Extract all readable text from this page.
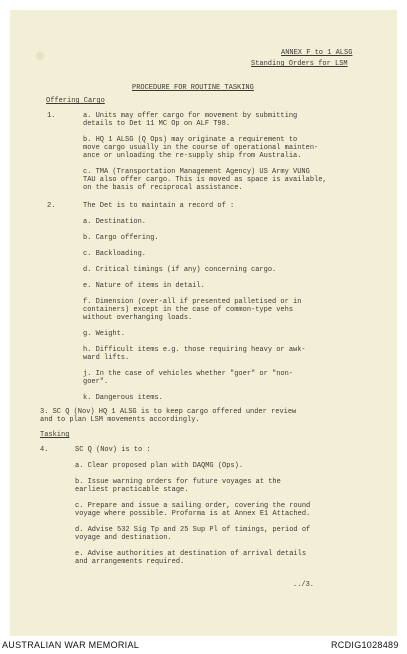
ANNEX F to 1 ALSG
Standing Orders for LSM
PROCEDURE FOR ROUTINE TASKING
Offering Cargo
1.	a. Units may offer cargo for movement by submitting
details to Det 11 MC Op on ALF T98.
b. HQ 1 ALSG (Q Ops) may originate a requirement to
move cargo usually in the course of operational mainten-
ance or unloading the re-supply ship from Australia.
c. TMA (Transportation Management Agency) US Army VUNG
TAU also offer cargo. This is moved as space is available,
on the basis of reciprocal assistance.
2.	The Det is to maintain a record of :
a. Destination.
b. Cargo offering.
c. Backloading.
d. Critical timings (if any) concerning cargo.
e. Nature of items in detail.
f. Dimension (over-all if presented palletised or in
containers) except in the case of common-type vehs
without overhanging loads.
g. Weight.
h. Difficult items e.g. those requiring heavy or awk-
ward lifts.
j. In the case of vehicles whether "goer" or "non-
goer".
k. Dangerous items.
3. SC Q (Nov) HQ 1 ALSG is to keep cargo offered under review
and to plan LSM movements accordingly.
Tasking
4.	SC Q (Nov) is to :
a. Clear proposed plan with DAQMG (Ops).
b. Issue warning orders for future voyages at the
earliest practicable stage.
c. Prepare and issue a sailing order, covering the round
voyage where possible. Proforma is at Annex E1 Attached.
d. Advise 532 Sig Tp and 25 Sup Pl of timings, period of
voyage and destination.
e. Advise authorities at destination of arrival details
and arrangements required.
../3.
AUSTRALIAN WAR MEMORIAL	RCDIG1028489
